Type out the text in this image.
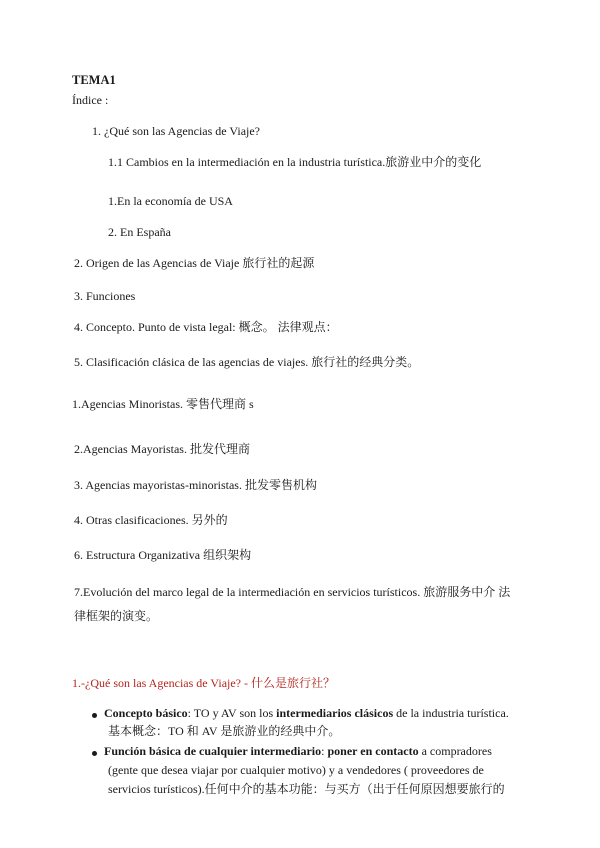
TEMA1
Índice :
1. ¿Qué son las Agencias de Viaje?
1.1 Cambios en la intermediación en la industria turística.旅游业中介的变化
1.En la economía de USA
2. En España
2. Origen de las Agencias de Viaje 旅行社的起源
3. Funciones
4. Concepto. Punto de vista legal: 概念。 法律观点：
5. Clasificación clásica de las agencias de viajes. 旅行社的经典分类。
1.Agencias Minoristas. 零售代理商 s
2.Agencias Mayoristas. 批发代理商
3. Agencias mayoristas-minoristas. 批发零售机构
4. Otras clasificaciones. 另外的
6. Estructura Organizativa 组织架构
7.Evolución del marco legal de la intermediación en servicios turísticos. 旅游服务中介 法
律框架的演变。
1.-¿Qué son las Agencias de Viaje? - 什么是旅行社？
Concepto básico: TO y AV son los intermediarios clásicos de la industria turística.
基本概念：TO 和 AV 是旅游业的经典中介。
Función básica de cualquier intermediario: poner en contacto a compradores
(gente que desea viajar por cualquier motivo) y a vendedores ( proveedores de
servicios turísticos).任何中介的基本功能：与买方（出于任何原因想要旅行的
